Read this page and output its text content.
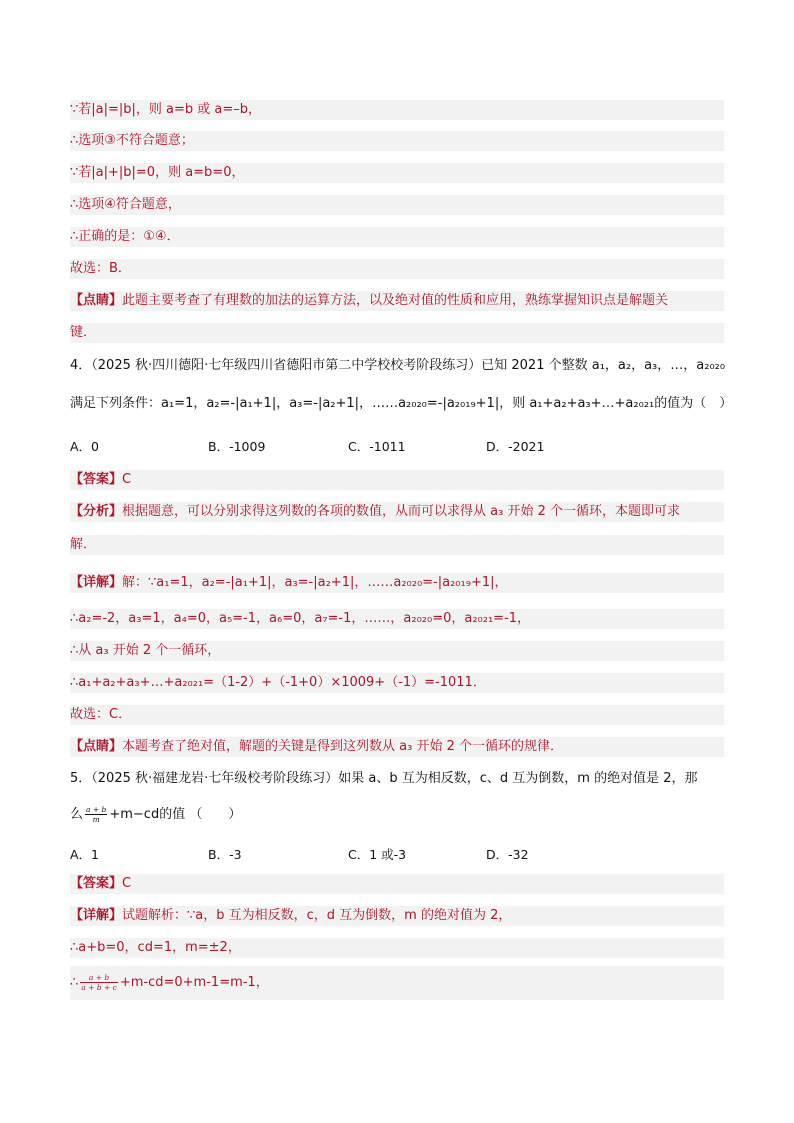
∵若|a|=|b|，则 a=b 或 a=–b，
∴选项③不符合题意；
∵若|a|+|b|=0，则 a=b=0，
∴选项④符合题意，
∴正确的是：①④．
故选：B．
【点睛】此题主要考查了有理数的加法的运算方法，以及绝对值的性质和应用，熟练掌握知识点是解题关
键．
4．（2025 秋·四川德阳·七年级四川省德阳市第二中学校校考阶段练习）已知 2021 个整数 a₁，a₂，a₃，…，a₂₀₂₀
满足下列条件：a₁=1，a₂=-|a₁+1|，a₃=-|a₂+1|，……a₂₀₂₀=-|a₂₀₁₉+1|，则 a₁+a₂+a₃+…+a₂₀₂₁的值为（　）
A．0	B．-1009	C．-1011	D．-2021
【答案】C
【分析】根据题意，可以分别求得这列数的各项的数值，从而可以求得从 a₃ 开始 2 个一循环，本题即可求
解．
【详解】解：∵a₁=1，a₂=-|a₁+1|，a₃=-|a₂+1|，……a₂₀₂₀=-|a₂₀₁₉+1|，
∴a₂=-2，a₃=1，a₄=0，a₅=-1，a₆=0，a₇=-1，……，a₂₀₂₀=0，a₂₀₂₁=-1，
∴从 a₃ 开始 2 个一循环，
∴a₁+a₂+a₃+…+a₂₀₂₁=（1-2）+（-1+0）×1009+（-1）=-1011．
故选：C．
【点睛】本题考查了绝对值，解题的关键是得到这列数从 a₃ 开始 2 个一循环的规律．
5．（2025 秋·福建龙岩·七年级校考阶段练习）如果 a、b 互为相反数，c、d 互为倒数，m 的绝对值是 2，那
么 $\frac{a + b}{m} +m-cd$的值 （　　）
A．1	B．-3	C．1 或-3	D．-32
【答案】C
【详解】试题解析：∵a，b 互为相反数，c，d 互为倒数，m 的绝对值为 2，
∴a+b=0，cd=1，m=±2，
∴ $\frac{a + b}{a + b + c} +m-cd=0+m-1=m-1$，
